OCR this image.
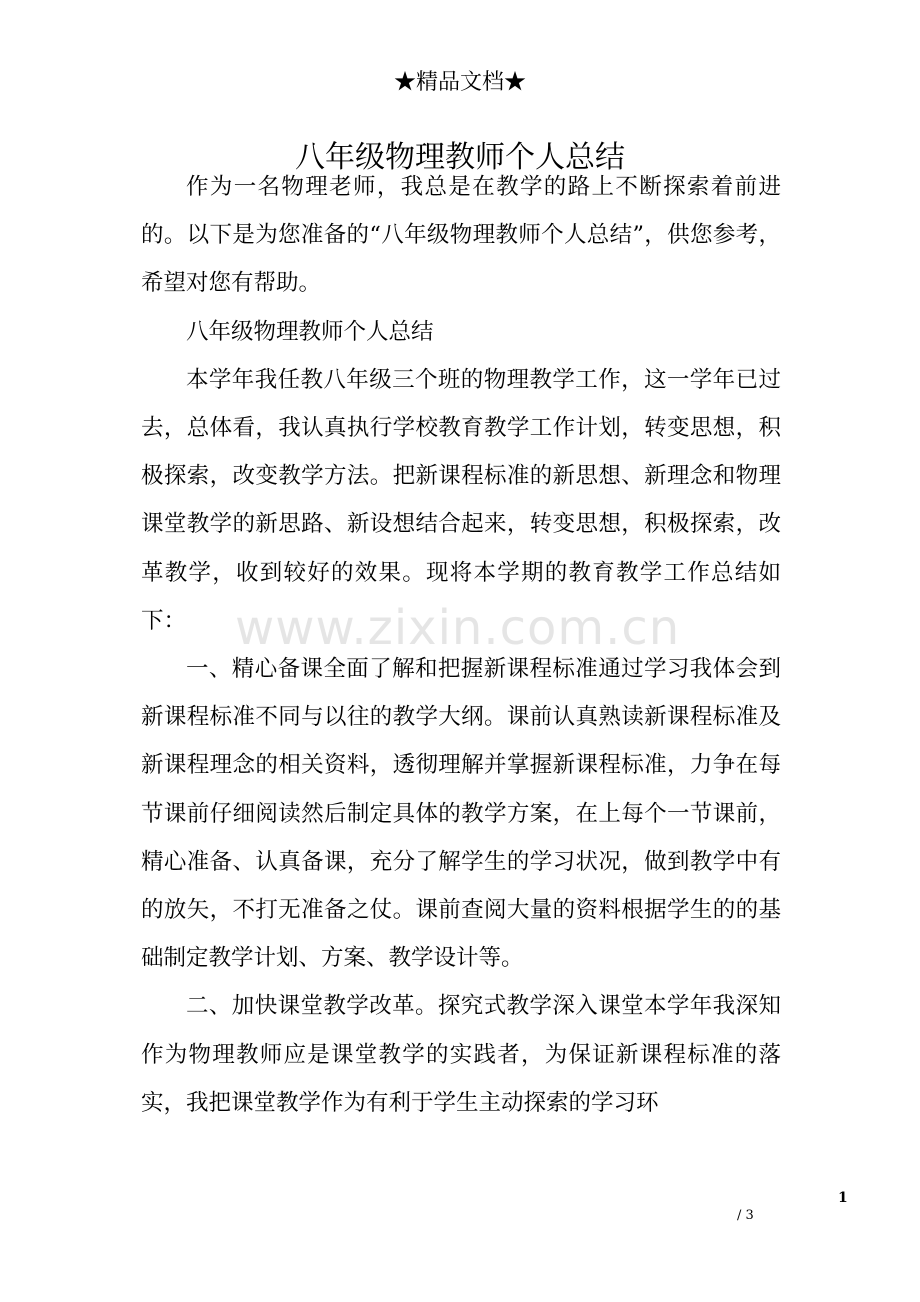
★精品文档★
八年级物理教师个人总结

作为一名物理老师，我总是在教学的路上不断探索着前进的。以下是为您准备的“八年级物理教师个人总结”，供您参考，希望对您有帮助。

八年级物理教师个人总结

本学年我任教八年级三个班的物理教学工作，这一学年已过去，总体看，我认真执行学校教育教学工作计划，转变思想，积极探索，改变教学方法。把新课程标准的新思想、新理念和物理课堂教学的新思路、新设想结合起来，转变思想，积极探索，改革教学，收到较好的效果。现将本学期的教育教学工作总结如下：

一、精心备课全面了解和把握新课程标准通过学习我体会到新课程标准不同与以往的教学大纲。课前认真熟读新课程标准及新课程理念的相关资料，透彻理解并掌握新课程标准，力争在每节课前仔细阅读然后制定具体的教学方案，在上每个一节课前，精心准备、认真备课，充分了解学生的学习状况，做到教学中有的放矢，不打无准备之仗。课前查阅大量的资料根据学生的的基础制定教学计划、方案、教学设计等。

二、加快课堂教学改革。探究式教学深入课堂本学年我深知作为物理教师应是课堂教学的实践者，为保证新课程标准的落实，我把课堂教学作为有利于学生主动探索的学习环

www.zixin.com.cn
1
/ 3
